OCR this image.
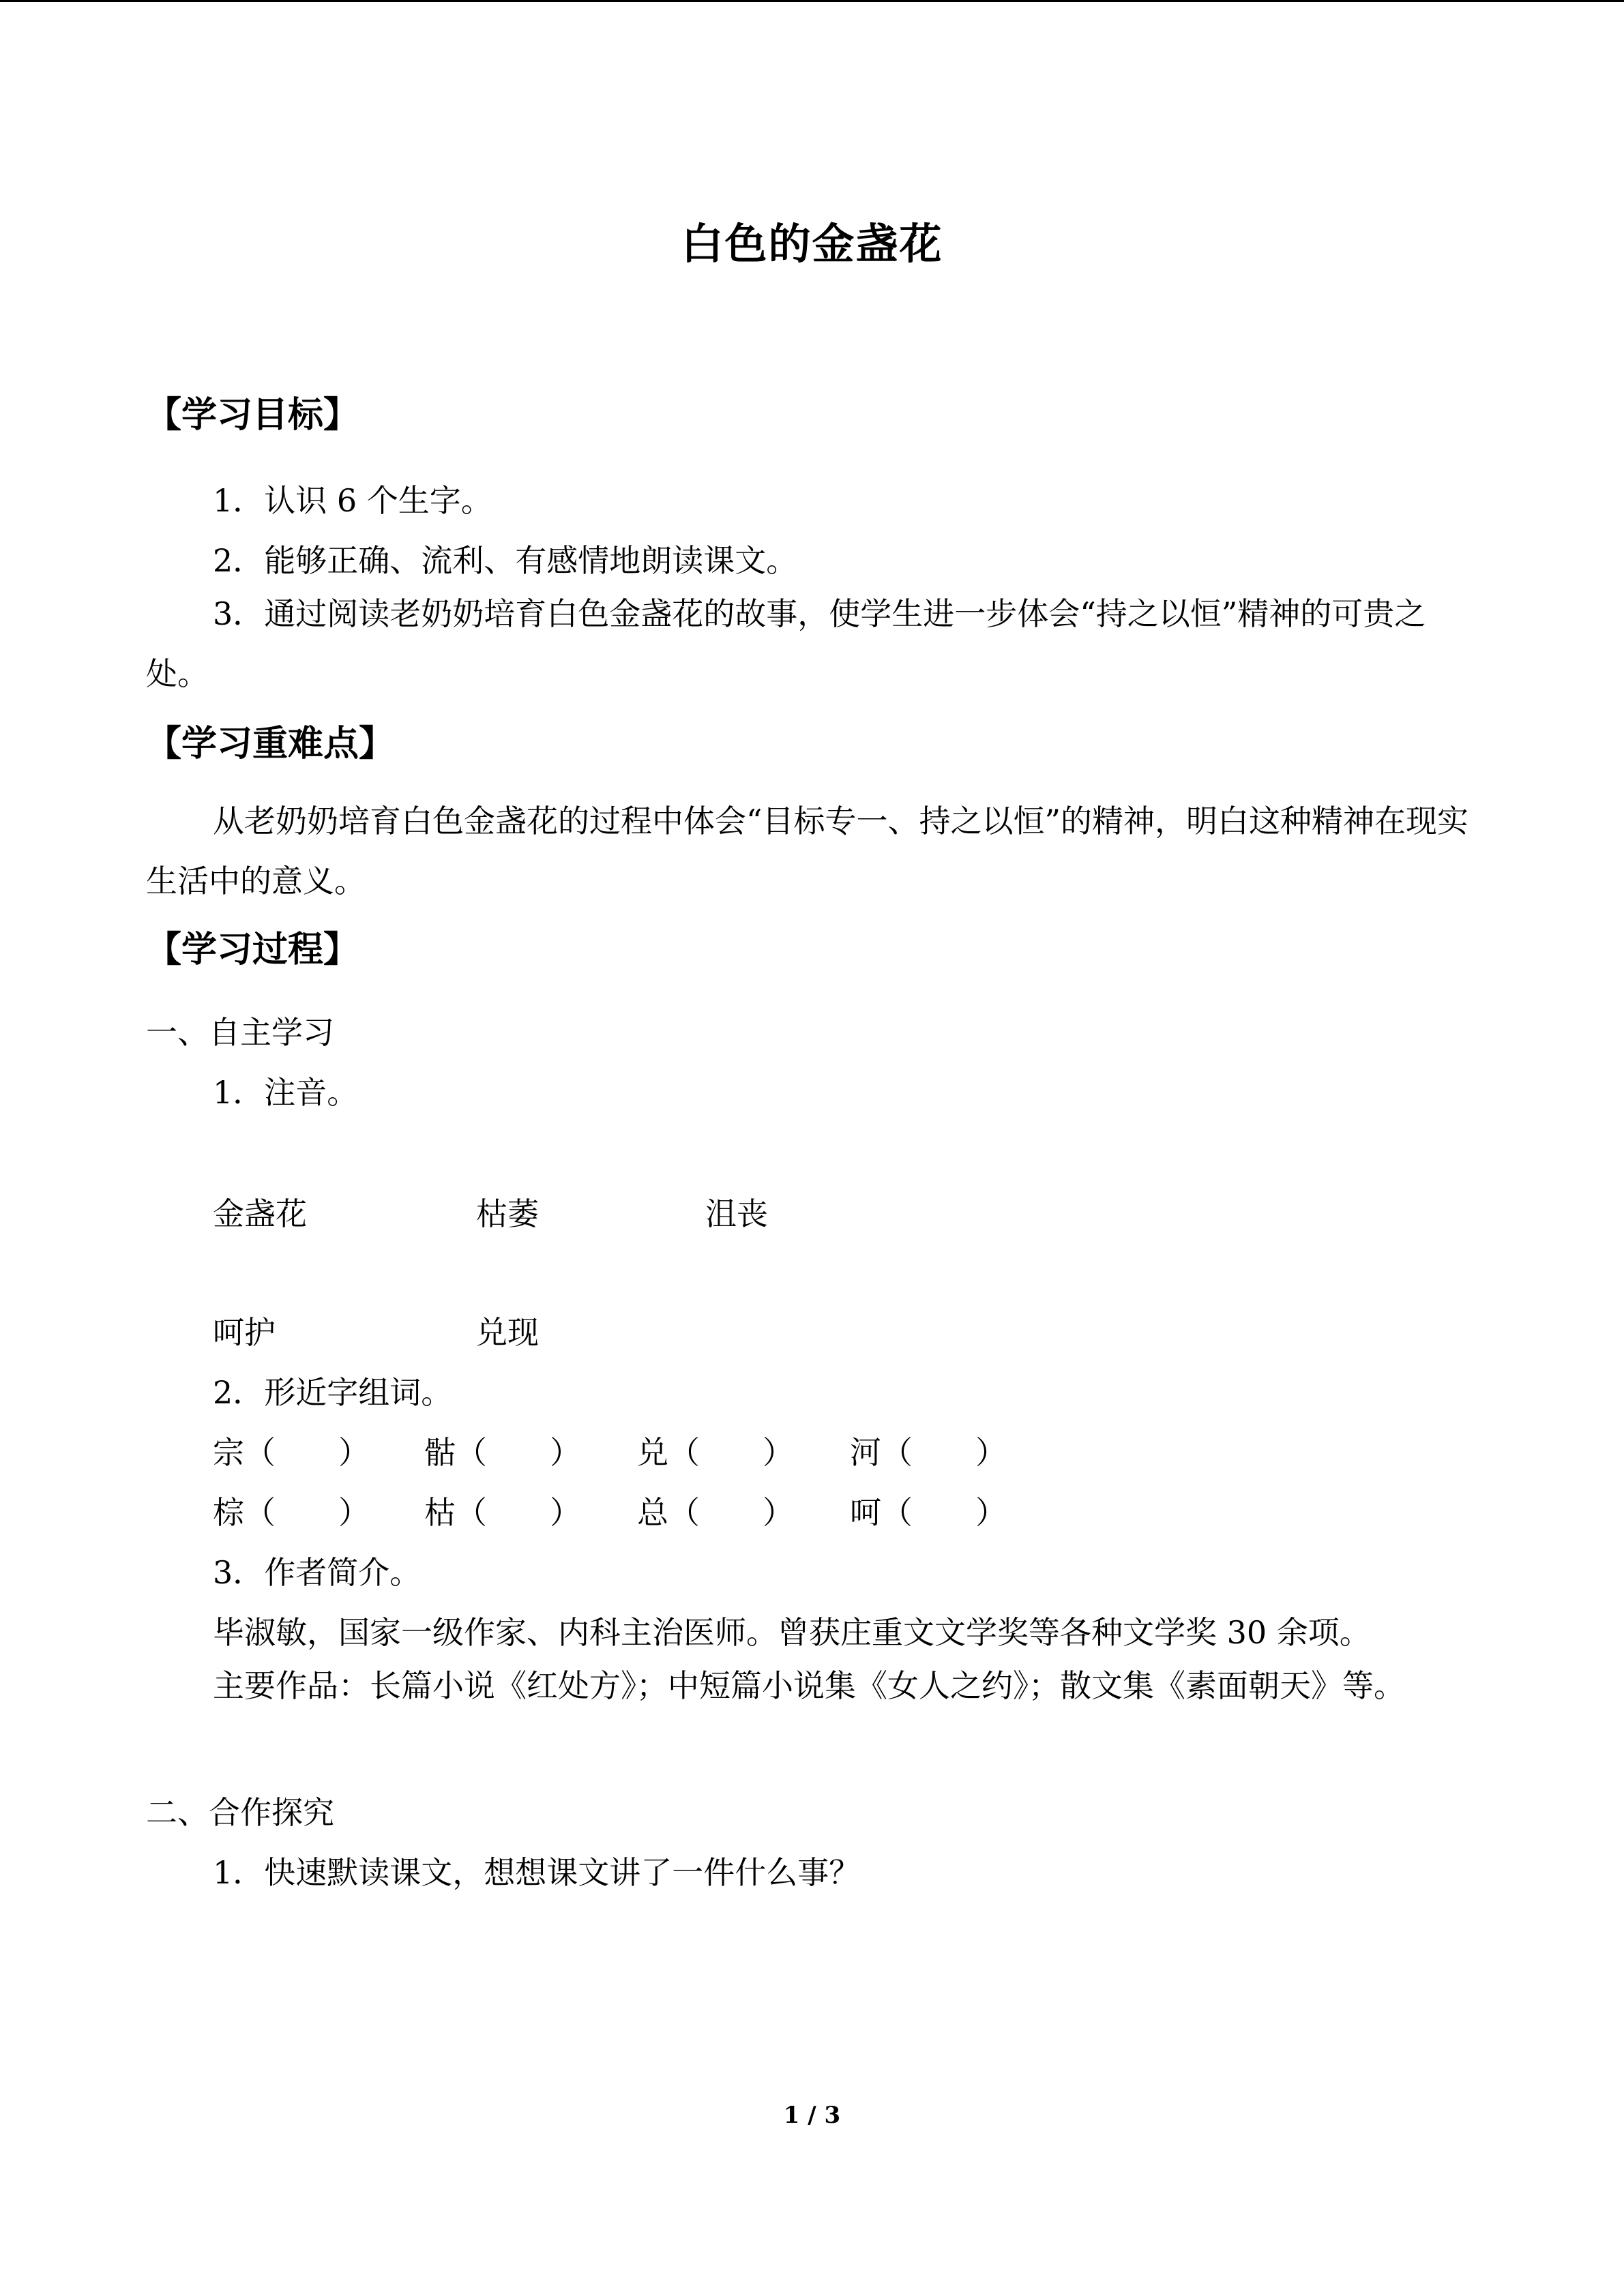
白色的金盏花
【学习目标】
1．认识 6 个生字。
2．能够正确、流利、有感情地朗读课文。
3．通过阅读老奶奶培育白色金盏花的故事，使学生进一步体会“持之以恒”精神的可贵之处。
【学习重难点】
从老奶奶培育白色金盏花的过程中体会“目标专一、持之以恒”的精神，明白这种精神在现实生活中的意义。
【学习过程】
一、自主学习
1．注音。
金盏花	枯萎	沮丧
呵护	兑现
2．形近字组词。
宗（　　） 骷（　　） 兑（　　） 河（　　）
棕（　　） 枯（　　） 总（　　） 呵（　　）
3．作者简介。
毕淑敏，国家一级作家、内科主治医师。曾获庄重文文学奖等各种文学奖 30 余项。
主要作品：长篇小说《红处方》；中短篇小说集《女人之约》；散文集《素面朝天》等。
二、合作探究
1．快速默读课文，想想课文讲了一件什么事？
1 / 3
